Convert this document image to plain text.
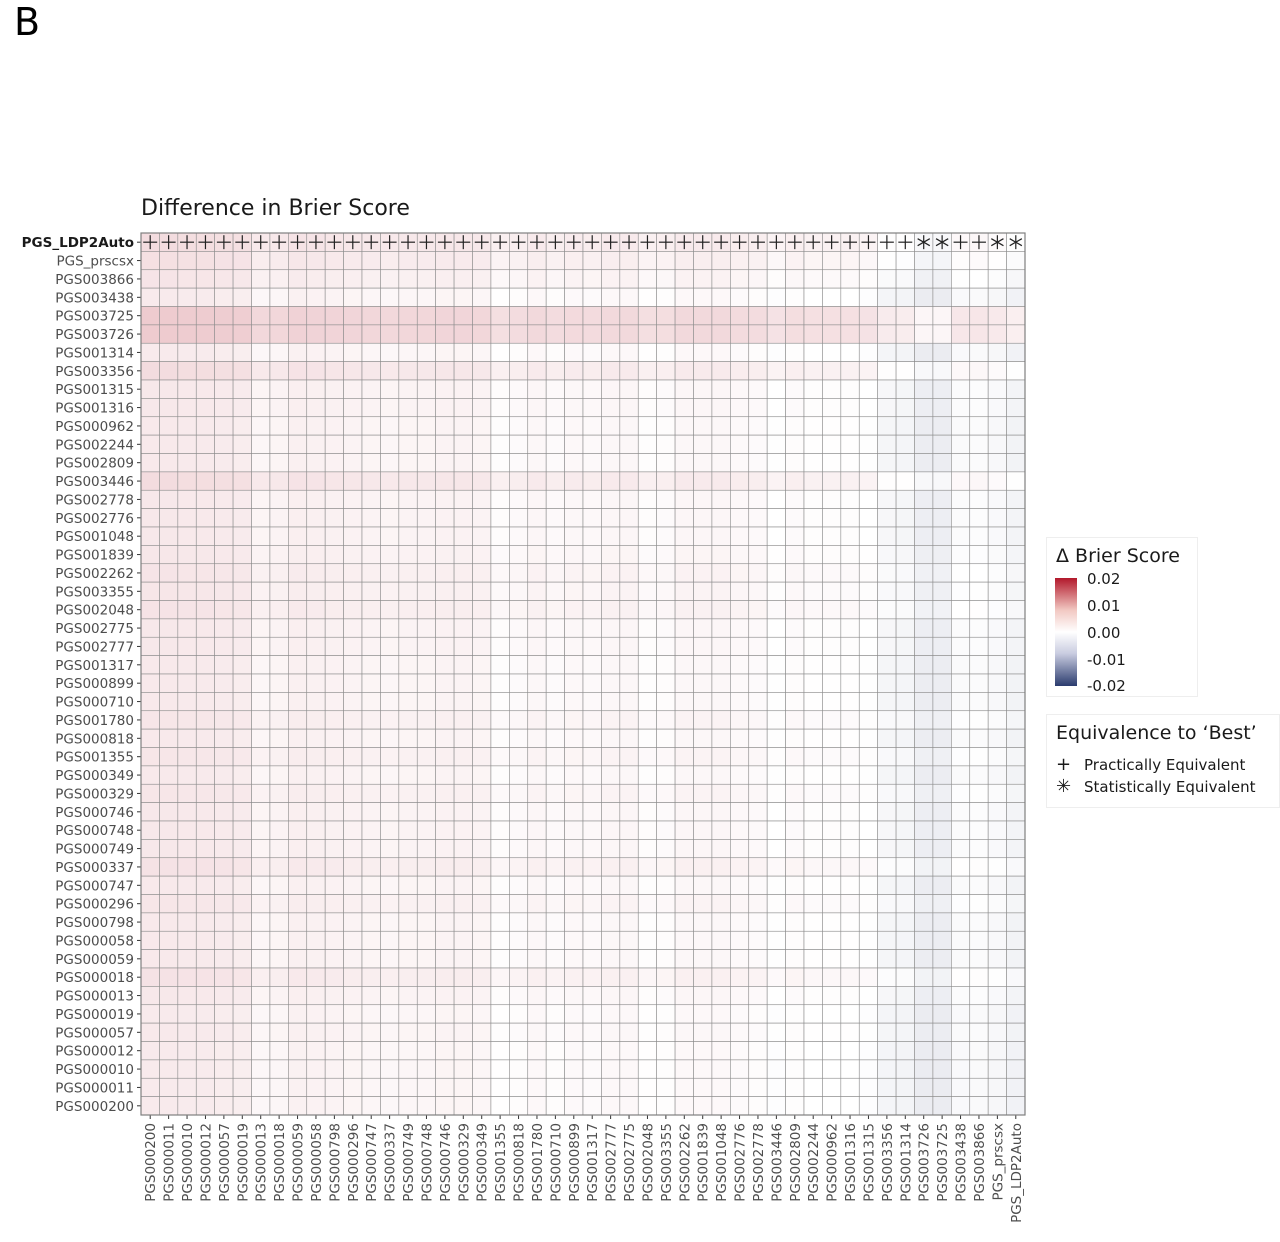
B
Difference in Brier Score
PGS_LDP2Auto
PGS_prscsx
PGS003866
PGS003438
PGS003725
PGS003726
PGS001314
PGS003356
PGS001315
PGS001316
PGS000962
PGS002244
PGS002809
PGS003446
PGS002778
PGS002776
PGS001048
PGS001839
PGS002262
PGS003355
PGS002048
PGS002775
PGS002777
PGS001317
PGS000899
PGS000710
PGS001780
PGS000818
PGS001355
PGS000349
PGS000329
PGS000746
PGS000748
PGS000749
PGS000337
PGS000747
PGS000296
PGS000798
PGS000058
PGS000059
PGS000018
PGS000013
PGS000019
PGS000057
PGS000012
PGS000010
PGS000011
PGS000200
PGS000200 PGS000011 PGS000010 PGS000012 PGS000057 PGS000019 PGS000013 PGS000018 PGS000059 PGS000058 PGS000798 PGS000296 PGS000747 PGS000337 PGS000749 PGS000748 PGS000746 PGS000329 PGS000349 PGS001355 PGS000818 PGS001780 PGS000710 PGS000899 PGS001317 PGS002777 PGS002775 PGS002048 PGS003355 PGS002262 PGS001839 PGS001048 PGS002776 PGS002778 PGS003446 PGS002809 PGS002244 PGS000962 PGS001316 PGS001315 PGS003356 PGS001314 PGS003726 PGS003725 PGS003438 PGS003866 PGS_prscsx PGS_LDP2Auto
Δ Brier Score
0.02
0.01
0.00
-0.01
-0.02
Equivalence to ‘Best’
+ Practically Equivalent
✳ Statistically Equivalent
